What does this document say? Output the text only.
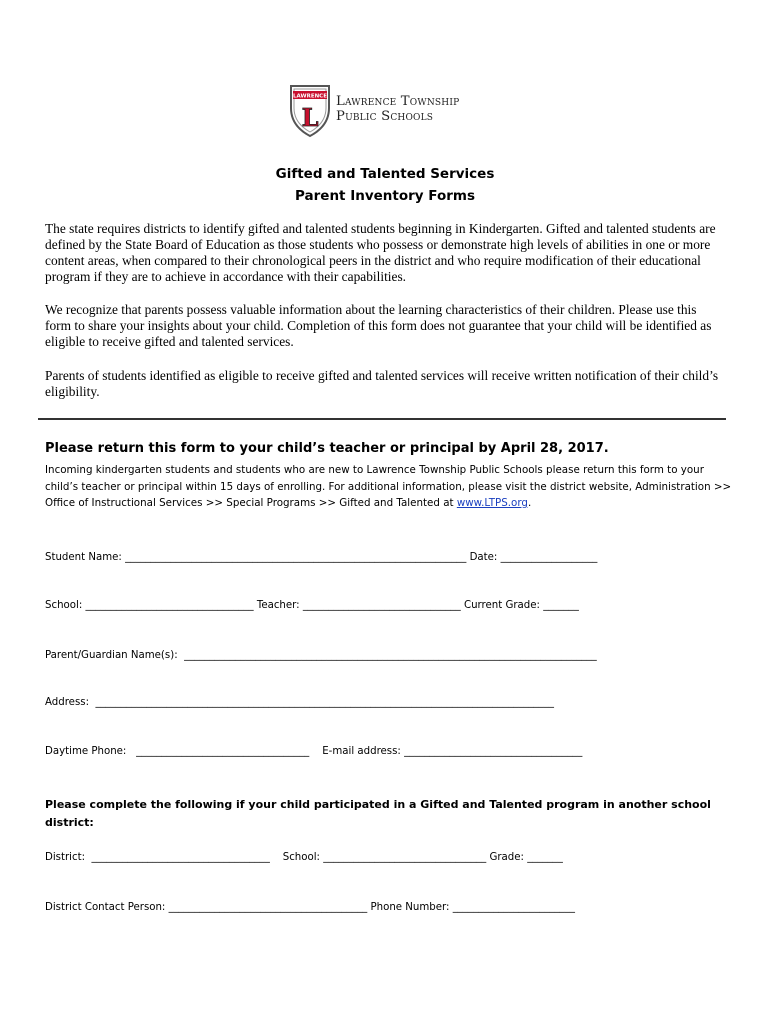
LAWRENCE
L
Lawrence Township
Public Schools
Gifted and Talented Services
Parent Inventory Forms
The state requires districts to identify gifted and talented students beginning in Kindergarten. Gifted and talented students are defined by the State Board of Education as those students who possess or demonstrate high levels of abilities in one or more content areas, when compared to their chronological peers in the district and who require modification of their educational program if they are to achieve in accordance with their capabilities.
We recognize that parents possess valuable information about the learning characteristics of their children. Please use this form to share your insights about your child. Completion of this form does not guarantee that your child will be identified as eligible to receive gifted and talented services.
Parents of students identified as eligible to receive gifted and talented services will receive written notification of their child’s eligibility.
Please return this form to your child’s teacher or principal by April 28, 2017.
Incoming kindergarten students and students who are new to Lawrence Township Public Schools please return this form to your child’s teacher or principal within 15 days of enrolling. For additional information, please visit the district website, Administration >> Office of Instructional Services >> Special Programs >> Gifted and Talented at www.LTPS.org.
Student Name: ___________________________________________________________________ Date: ___________________
School: _________________________________ Teacher: _______________________________ Current Grade: _______
Parent/Guardian Name(s):  _________________________________________________________________________________
Address:  __________________________________________________________________________________________
Daytime Phone:   __________________________________    E-mail address: ___________________________________
Please complete the following if your child participated in a Gifted and Talented program in another school district:
District:  ___________________________________    School: ________________________________ Grade: _______
District Contact Person: _______________________________________ Phone Number: ________________________
